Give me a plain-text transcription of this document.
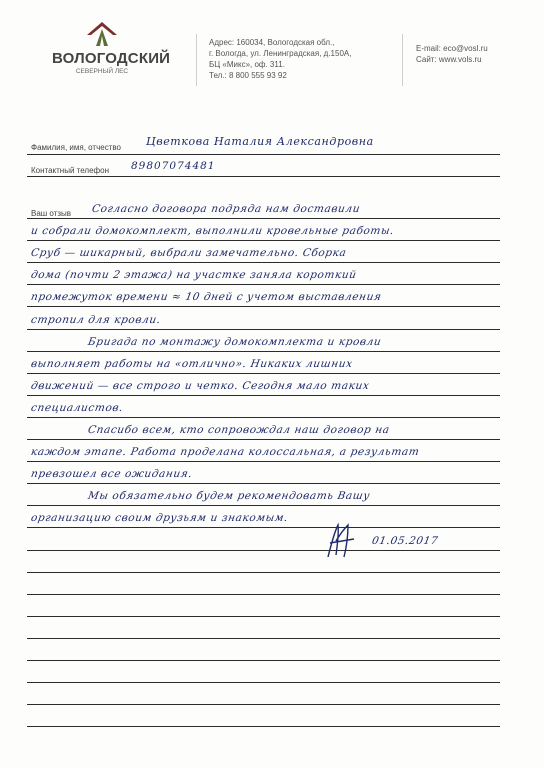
ВОЛОГОДСКИЙ
СЕВЕРНЫЙ ЛЕС
Адрес: 160034, Вологодская обл.,
г. Вологда, ул. Ленинградская, д.150А,
БЦ «Микс», оф. 311.
Тел.: 8 800 555 93 92
E-mail: eco@vosl.ru
Сайт: www.vols.ru
Фамилия, имя, отчество Цветкова Наталия Александровна
Контактный телефон 89807074481
Ваш отзыв Согласно договора подряда нам доставили
и собрали домокомплект, выполнили кровельные работы.
Сруб — шикарный, выбрали замечательно. Сборка
дома (почти 2 этажа) на участке заняла короткий
промежуток времени ≈ 10 дней с учетом выставления
стропил для кровли.
Бригада по монтажу домокомплекта и кровли
выполняет работы на «отлично». Никаких лишних
движений — все строго и четко. Сегодня мало таких
специалистов.
Спасибо всем, кто сопровождал наш договор на
каждом этапе. Работа проделана колоссальная, а результат
превзошел все ожидания.
Мы обязательно будем рекомендовать Вашу
организацию своим друзьям и знакомым.
01.05.2017
